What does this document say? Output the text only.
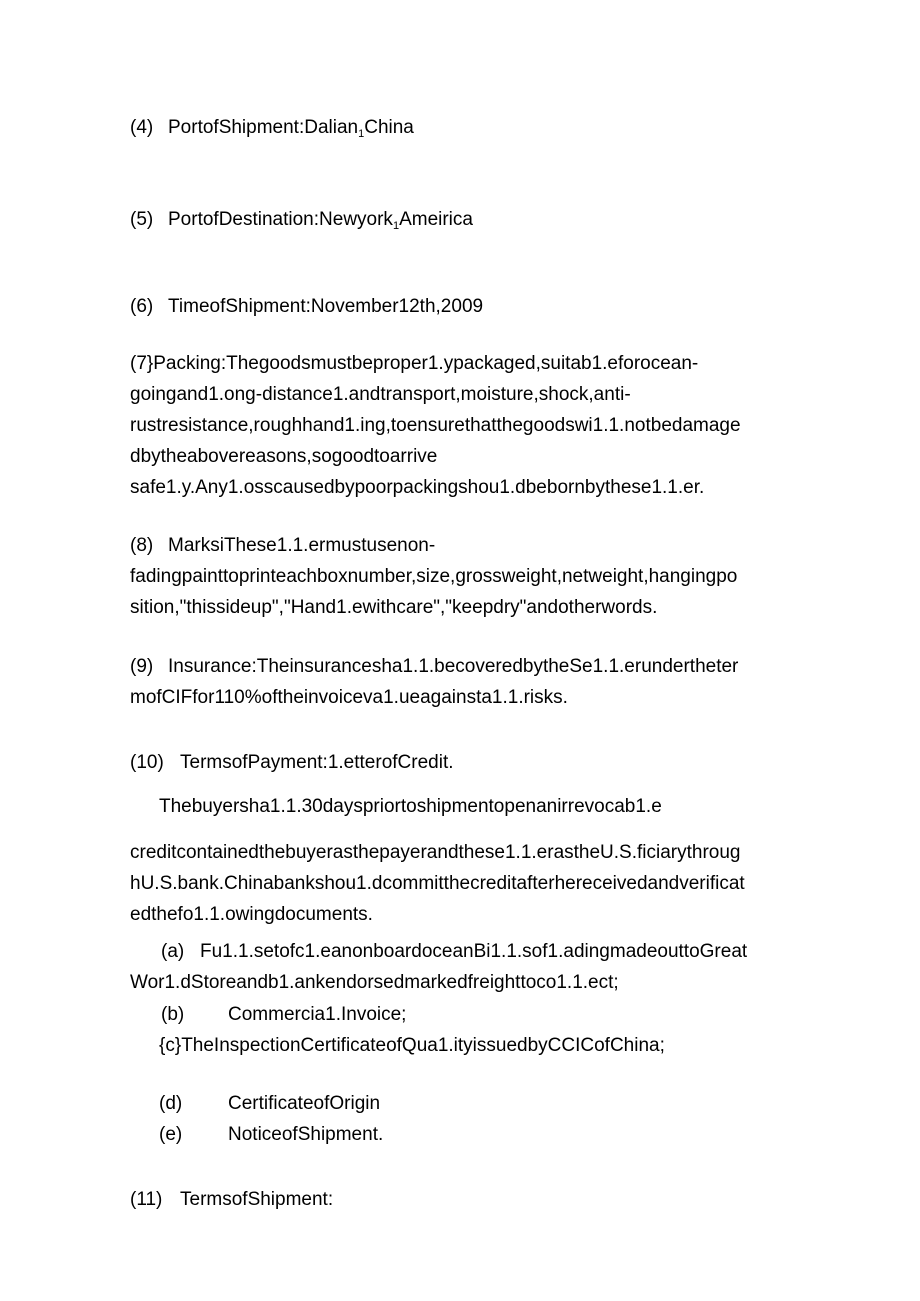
(4) PortofShipment:Dalian$_1$China
(5) PortofDestination:Newyork$_1$Ameirica
(6) TimeofShipment:November12th,2009
(7}Packing:Thegoodsmustbeproper1.ypackaged,suitab1.eforocean-
goingand1.ong-distance1.andtransport,moisture,shock,anti-
rustresistance,roughhand1.ing,toensurethatthegoodswi1.1.notbedamage
dbytheabovereasons,sogoodtoarrive
safe1.y.Any1.osscausedbypoorpackingshou1.dbebornbythese1.1.er.
(8) MarksiThese1.1.ermustusenon-
fadingpainttoprinteachboxnumber,size,grossweight,netweight,hangingpo
sition,"thissideup","Hand1.ewithcare","keepdry"andotherwords.
(9) Insurance:Theinsurancesha1.1.becoveredbytheSe1.1.erundertheter
mofCIFfor110%oftheinvoiceva1.ueagainsta1.1.risks.
(10) TermsofPayment:1.etterofCredit.
Thebuyersha1.1.30dayspriortoshipmentopenanirrevocab1.e
creditcontainedthebuyerasthepayerandthese1.1.erastheU.S.ficiarythroug
hU.S.bank.Chinabankshou1.dcommitthecreditafterhereceivedandverificat
edthefo1.1.owingdocuments.
(a) Fu1.1.setofc1.eanonboardoceanBi1.1.sof1.adingmadeouttoGreat
Wor1.dStoreandb1.ankendorsedmarkedfreighttoco1.1.ect;
(b) Commercia1.Invoice;
{c}TheInspectionCertificateofQua1.ityissuedbyCCICofChina;
(d) CertificateofOrigin
(e) NoticeofShipment.
(11) TermsofShipment:
